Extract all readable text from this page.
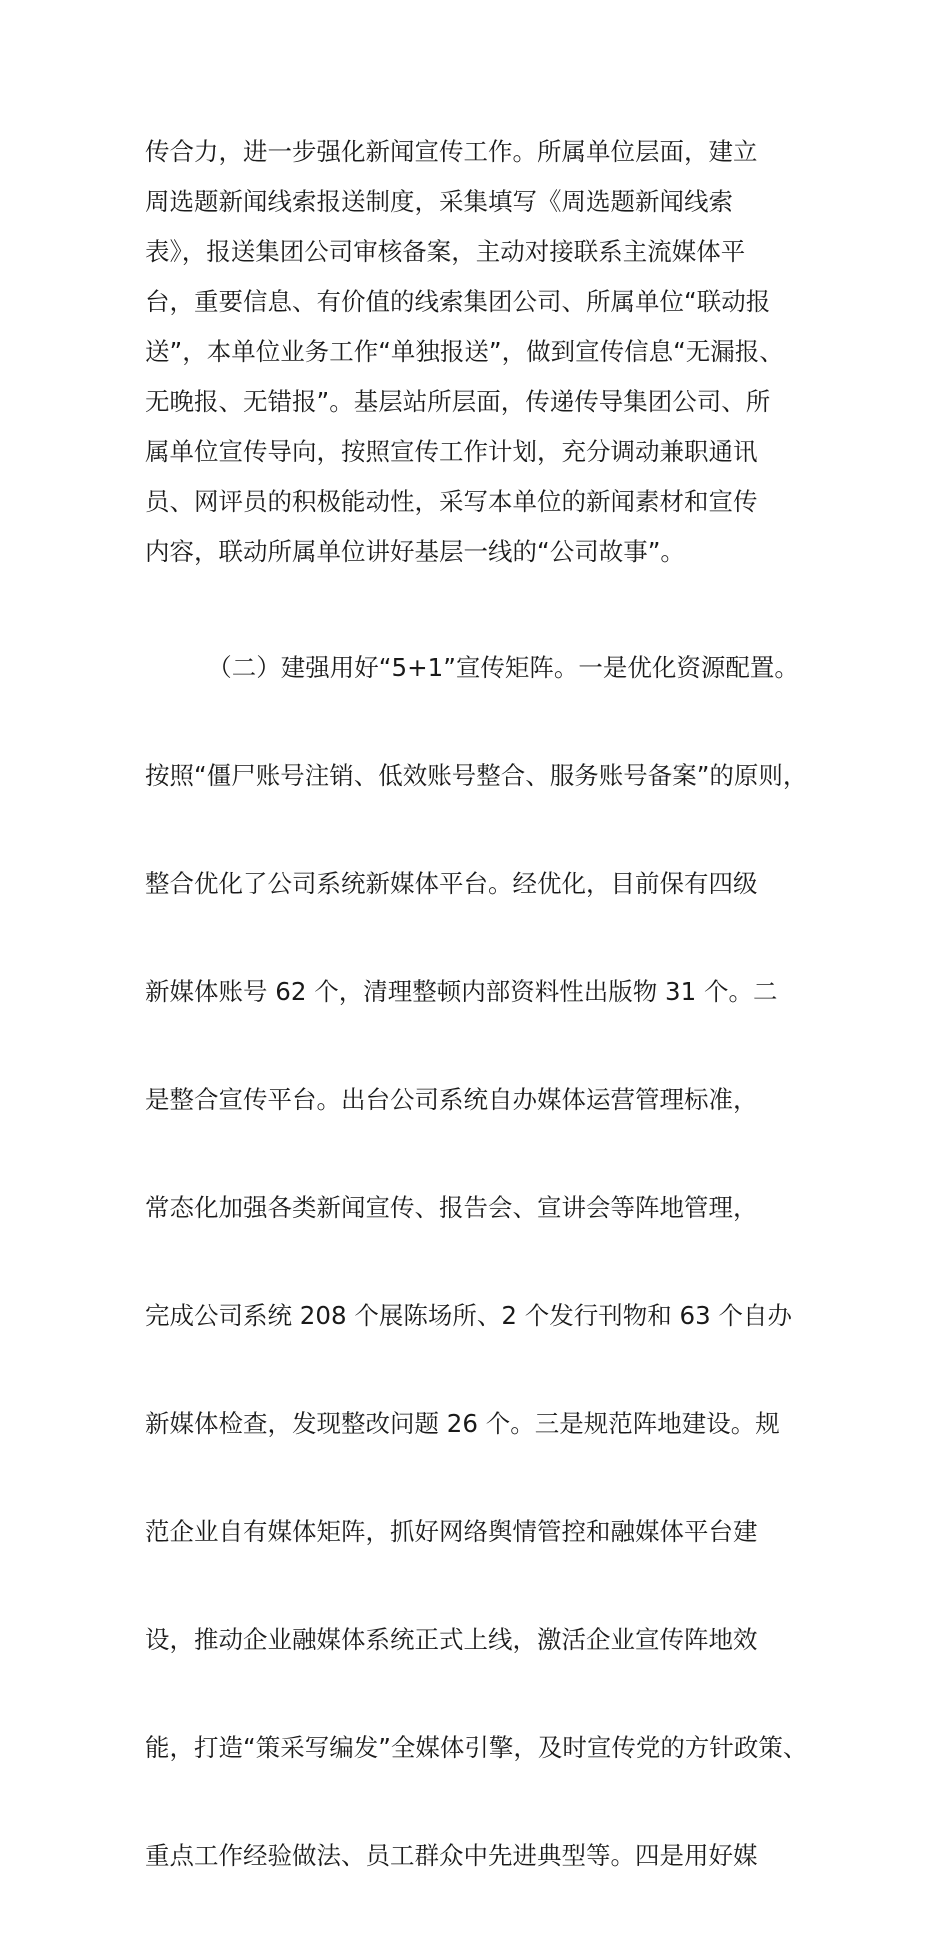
传合力，进一步强化新闻宣传工作。所属单位层面，建立
周选题新闻线索报送制度，采集填写《周选题新闻线索
表》，报送集团公司审核备案，主动对接联系主流媒体平
台，重要信息、有价值的线索集团公司、所属单位“联动报
送”，本单位业务工作“单独报送”，做到宣传信息“无漏报、
无晚报、无错报”。基层站所层面，传递传导集团公司、所
属单位宣传导向，按照宣传工作计划，充分调动兼职通讯
员、网评员的积极能动性，采写本单位的新闻素材和宣传
内容，联动所属单位讲好基层一线的“公司故事”。

（二）建强用好“5+1”宣传矩阵。一是优化资源配置。

按照“僵尸账号注销、低效账号整合、服务账号备案”的原则，

整合优化了公司系统新媒体平台。经优化，目前保有四级

新媒体账号 62 个，清理整顿内部资料性出版物 31 个。二

是整合宣传平台。出台公司系统自办媒体运营管理标准，

常态化加强各类新闻宣传、报告会、宣讲会等阵地管理，

完成公司系统 208 个展陈场所、2 个发行刊物和 63 个自办

新媒体检查，发现整改问题 26 个。三是规范阵地建设。规

范企业自有媒体矩阵，抓好网络舆情管控和融媒体平台建

设，推动企业融媒体系统正式上线，激活企业宣传阵地效

能，打造“策采写编发”全媒体引擎，及时宣传党的方针政策、

重点工作经验做法、员工群众中先进典型等。四是用好媒
